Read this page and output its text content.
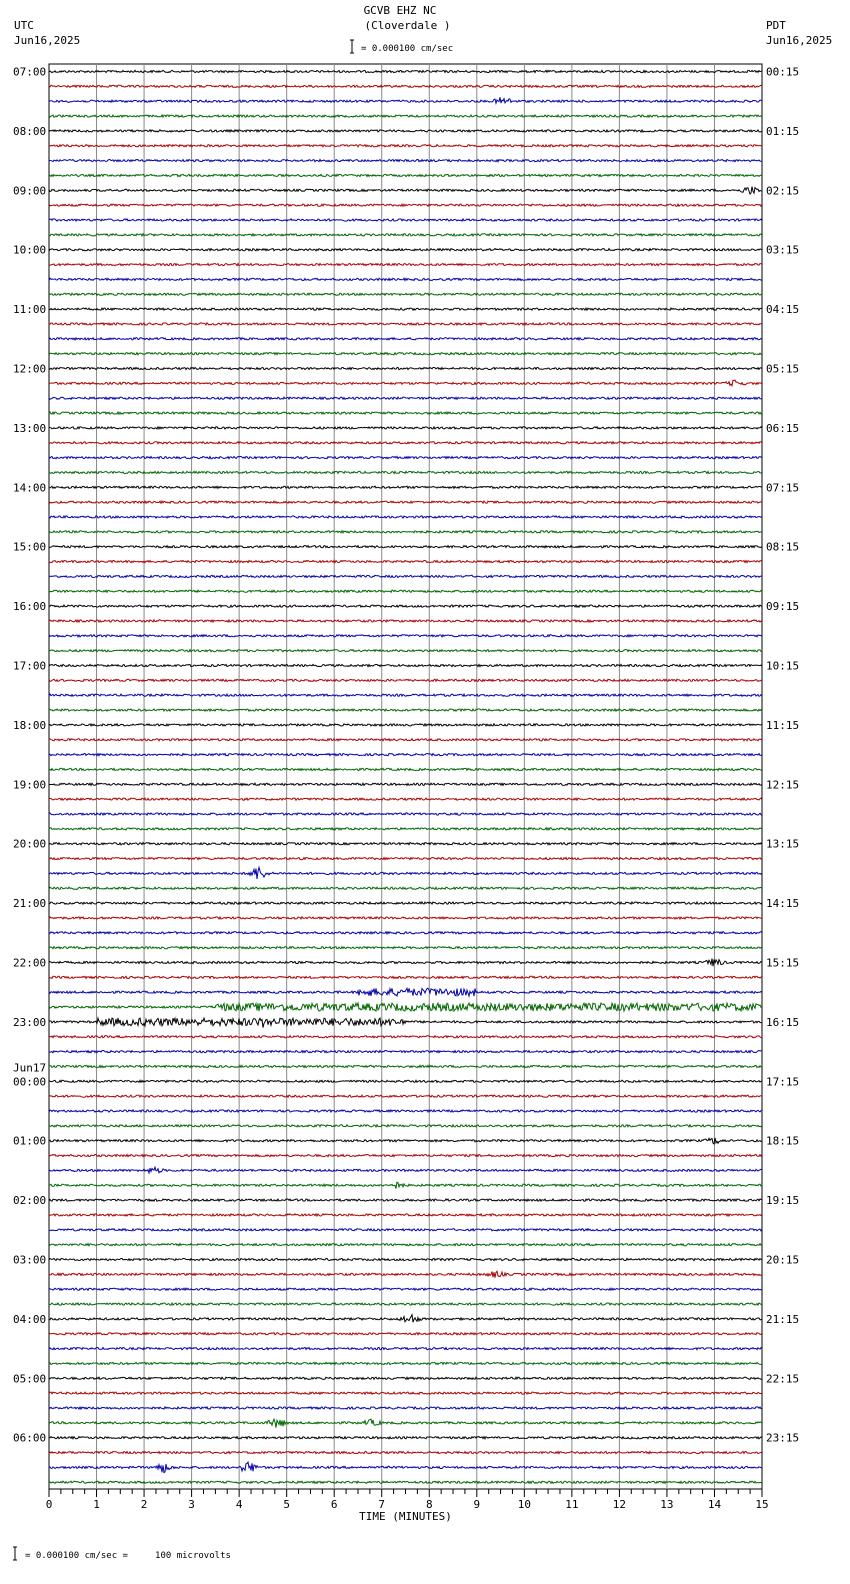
UTC
Jun16,2025
GCVB EHZ NC
(Cloverdale )
= 0.000100 cm/sec
PDT
Jun16,2025
= 0.000100 cm/sec =     100 microvolts
0	1	2	3	4	5	6	7	8	9	10	11	12	13	14	15
TIME (MINUTES)
07:00
08:00
09:00
10:00
11:00
12:00
13:00
14:00
15:00
16:00
17:00
18:00
19:00
20:00
21:00
22:00
23:00
Jun17
00:00
01:00
02:00
03:00
04:00
05:00
06:00
00:15
01:15
02:15
03:15
04:15
05:15
06:15
07:15
08:15
09:15
10:15
11:15
12:15
13:15
14:15
15:15
16:15
17:15
18:15
19:15
20:15
21:15
22:15
23:15
